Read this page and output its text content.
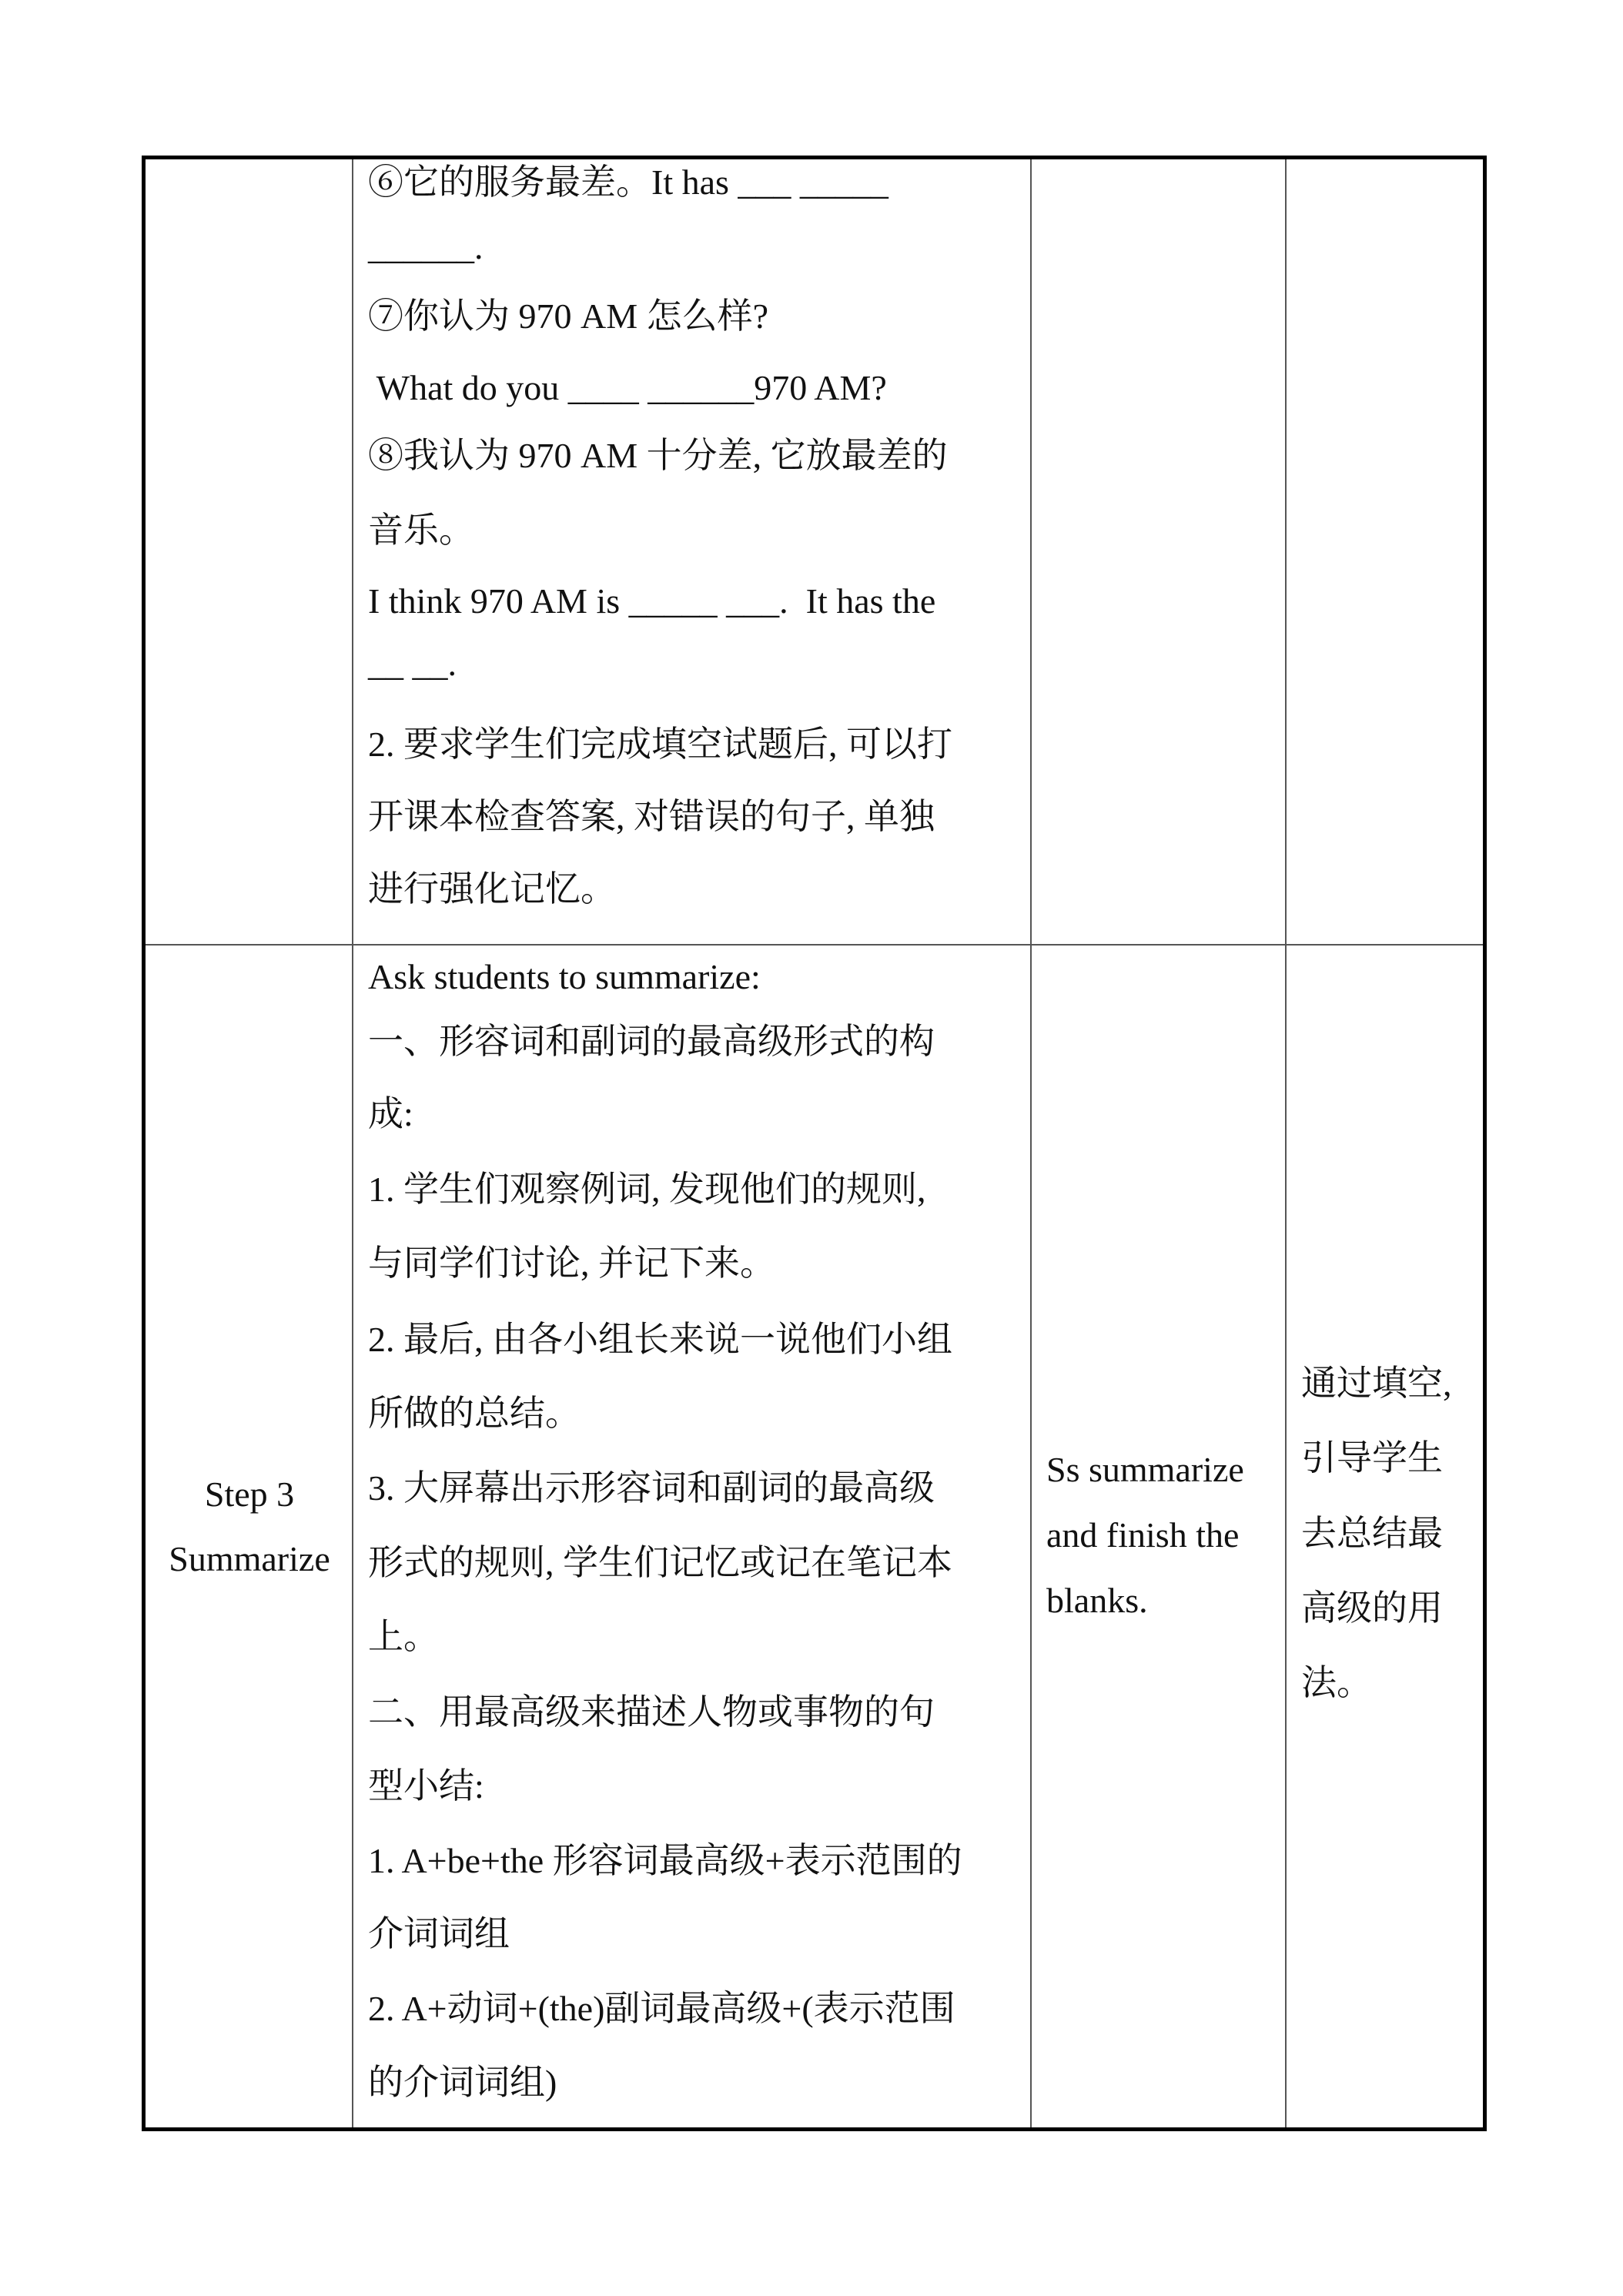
⑥它的服务最差。It has ___ _____
______.
⑦你认为 970 AM 怎么样?
What do you ____ ______970 AM?
⑧我认为 970 AM 十分差, 它放最差的
音乐。
I think 970 AM is _____ ___.  It has the
__ __.
2. 要求学生们完成填空试题后, 可以打
开课本检查答案, 对错误的句子, 单独
进行强化记忆。
Step 3
Summarize
Ask students to summarize:
一、形容词和副词的最高级形式的构
成:
1. 学生们观察例词, 发现他们的规则,
与同学们讨论, 并记下来。
2. 最后, 由各小组长来说一说他们小组
所做的总结。
3. 大屏幕出示形容词和副词的最高级
形式的规则, 学生们记忆或记在笔记本
上。
二、用最高级来描述人物或事物的句
型小结:
1. A+be+the 形容词最高级+表示范围的
介词词组
2. A+动词+(the)副词最高级+(表示范围
的介词词组)
Ss summarize
and finish the
blanks.
通过填空,
引导学生
去总结最
高级的用
法。
